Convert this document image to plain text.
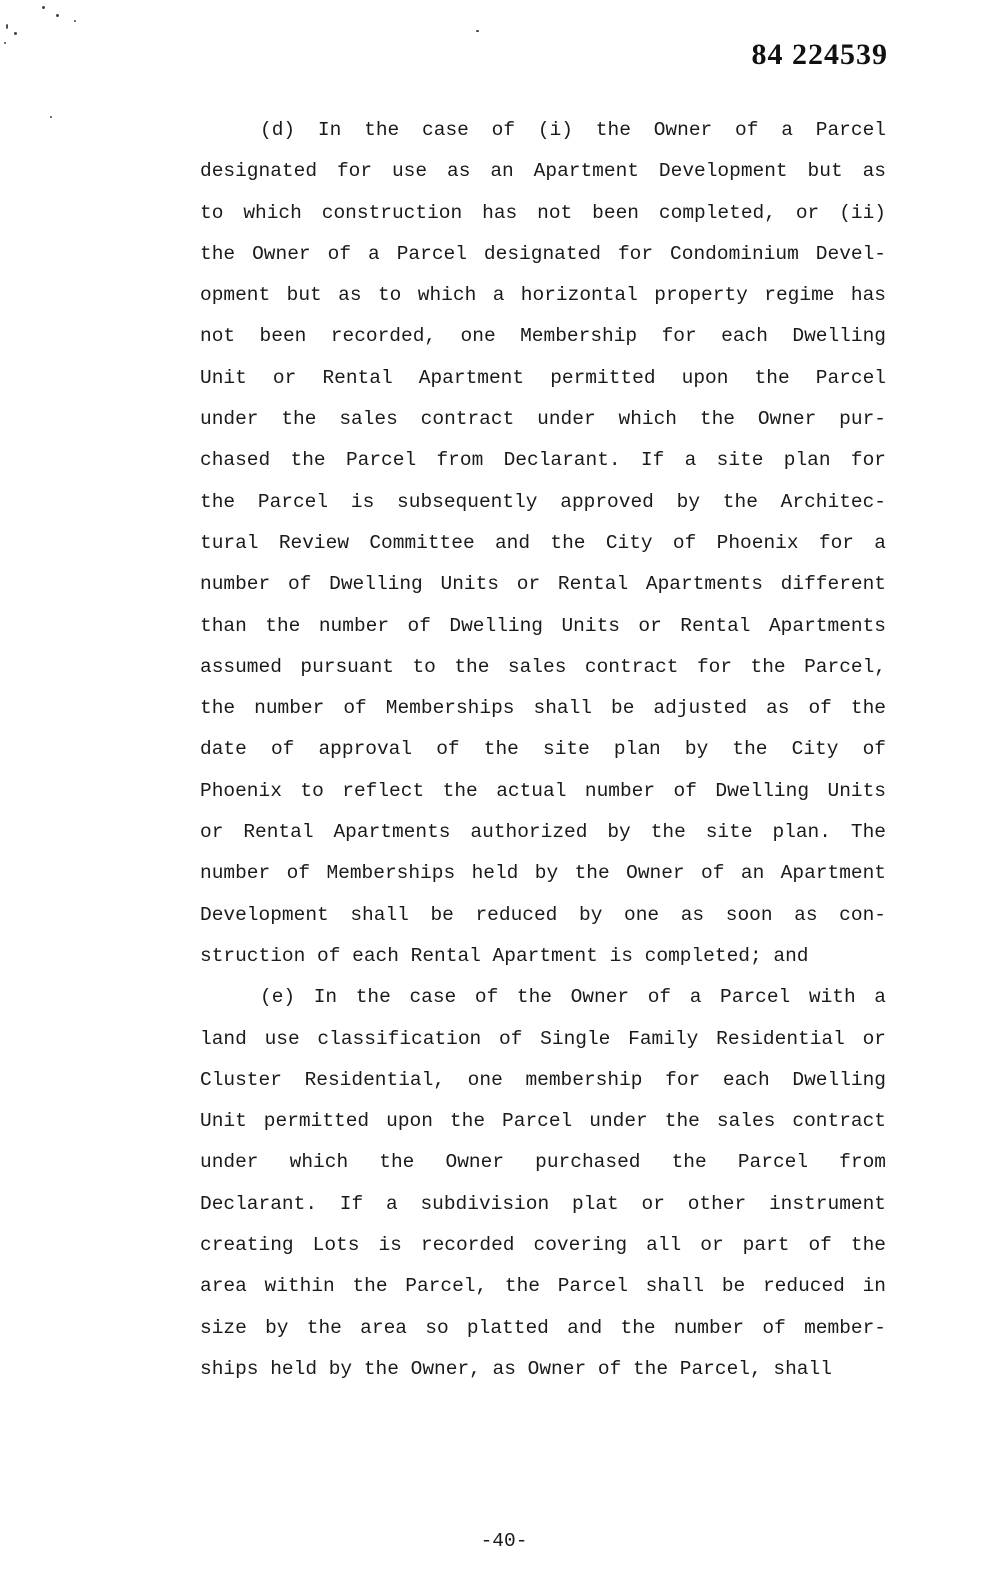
84 224539
(d) In the case of (i) the Owner of a Parcel
designated for use as an Apartment Development but as
to which construction has not been completed, or (ii)
the Owner of a Parcel designated for Condominium Devel-
opment but as to which a horizontal property regime has
not been recorded, one Membership for each Dwelling
Unit or Rental Apartment permitted upon the Parcel
under the sales contract under which the Owner pur-
chased the Parcel from Declarant. If a site plan for
the Parcel is subsequently approved by the Architec-
tural Review Committee and the City of Phoenix for a
number of Dwelling Units or Rental Apartments different
than the number of Dwelling Units or Rental Apartments
assumed pursuant to the sales contract for the Parcel,
the number of Memberships shall be adjusted as of the
date of approval of the site plan by the City of
Phoenix to reflect the actual number of Dwelling Units
or Rental Apartments authorized by the site plan. The
number of Memberships held by the Owner of an Apartment
Development shall be reduced by one as soon as con-
struction of each Rental Apartment is completed; and
(e) In the case of the Owner of a Parcel with a
land use classification of Single Family Residential or
Cluster Residential, one membership for each Dwelling
Unit permitted upon the Parcel under the sales contract
under which the Owner purchased the Parcel from
Declarant. If a subdivision plat or other instrument
creating Lots is recorded covering all or part of the
area within the Parcel, the Parcel shall be reduced in
size by the area so platted and the number of member-
ships held by the Owner, as Owner of the Parcel, shall
-40-
